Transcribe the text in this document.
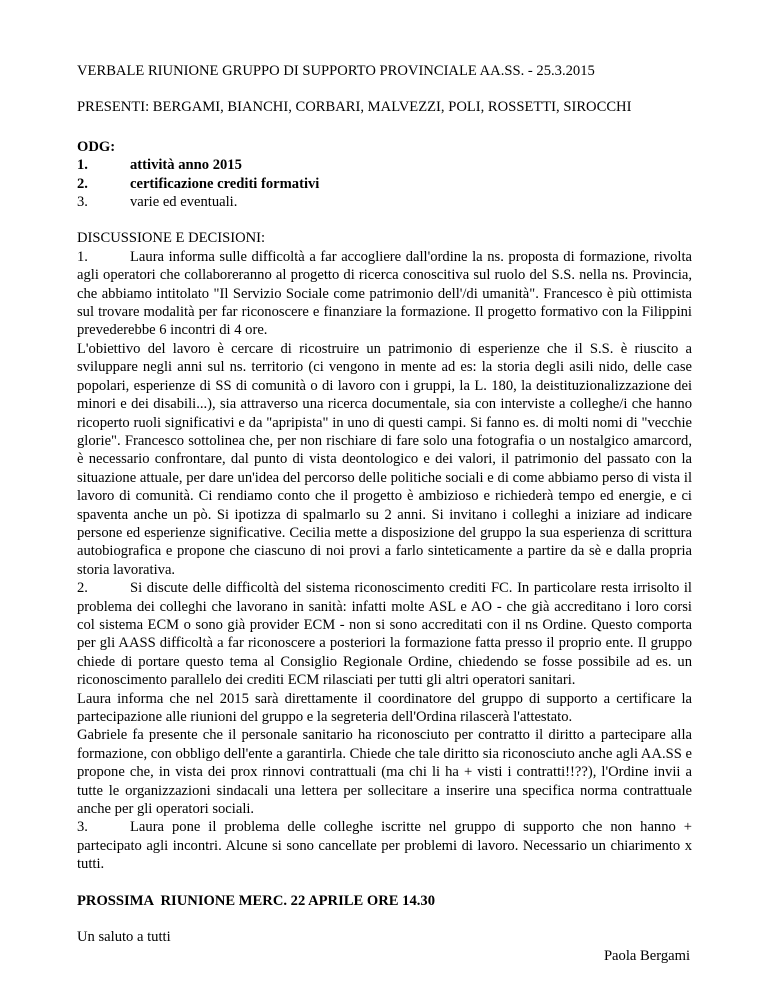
VERBALE RIUNIONE GRUPPO DI SUPPORTO PROVINCIALE AA.SS. - 25.3.2015

PRESENTI: BERGAMI, BIANCHI, CORBARI, MALVEZZI, POLI, ROSSETTI, SIROCCHI

ODG:

1.	attività anno 2015
2.	certificazione crediti formativi
3.	varie ed eventuali.

DISCUSSIONE E DECISIONI:

1.	Laura informa sulle difficoltà a far accogliere dall'ordine la ns. proposta di formazione, rivolta agli operatori che collaboreranno al progetto di ricerca conoscitiva sul ruolo del S.S. nella ns. Provincia, che abbiamo intitolato "Il Servizio Sociale come patrimonio dell'/di umanità". Francesco è più ottimista sul trovare modalità per far riconoscere e finanziare la formazione. Il progetto formativo con la Filippini prevederebbe 6 incontri di 4 ore.

L'obiettivo del lavoro è cercare di ricostruire un patrimonio di esperienze che il S.S. è riuscito a sviluppare negli anni sul ns. territorio (ci vengono in mente ad es: la storia degli asili nido, delle case popolari, esperienze di SS di comunità o di lavoro con i gruppi, la L. 180, la deistituzionalizzazione dei minori e dei disabili...), sia attraverso una ricerca documentale, sia con interviste a colleghe/i che hanno ricoperto ruoli significativi e da "apripista" in uno di questi campi. Si fanno es. di molti nomi di "vecchie glorie". Francesco sottolinea che, per non rischiare di fare solo una fotografia o un nostalgico amarcord, è necessario confrontare, dal punto di vista deontologico e dei valori, il patrimonio del passato con la situazione attuale, per dare un'idea del percorso delle politiche sociali e di come abbiamo perso di vista il lavoro di comunità. Ci rendiamo conto che il progetto è ambizioso e richiederà tempo ed energie, e ci spaventa anche un pò. Si ipotizza di spalmarlo su 2 anni. Si invitano i colleghi a iniziare ad indicare persone ed esperienze significative. Cecilia mette a disposizione del gruppo la sua esperienza di scrittura autobiografica e propone che ciascuno di noi provi a farlo sinteticamente a partire da sè e dalla propria storia lavorativa.

2.	Si discute delle difficoltà del sistema riconoscimento crediti FC. In particolare resta irrisolto il problema dei colleghi che lavorano in sanità: infatti molte ASL e AO - che già accreditano i loro corsi col sistema ECM o sono già provider ECM - non si sono accreditati con il ns Ordine. Questo comporta per gli AASS difficoltà a far riconoscere a posteriori la formazione fatta presso il proprio ente. Il gruppo chiede di portare questo tema al Consiglio Regionale Ordine, chiedendo se fosse possibile ad es. un riconoscimento parallelo dei crediti ECM rilasciati per tutti gli altri operatori sanitari.

Laura informa che nel 2015 sarà direttamente il coordinatore del gruppo di supporto a certificare la partecipazione alle riunioni del gruppo e la segreteria dell'Ordina rilascerà l'attestato.

Gabriele fa presente che il personale sanitario ha riconosciuto per contratto il diritto a partecipare alla formazione, con obbligo dell'ente a garantirla. Chiede che tale diritto sia riconosciuto anche agli AA.SS e propone che, in vista dei prox rinnovi contrattuali (ma chi li ha + visti i contratti!!??), l'Ordine invii a tutte le organizzazioni sindacali una lettera per sollecitare a inserire una specifica norma contrattuale anche per gli operatori sociali.

3.	Laura pone il problema delle colleghe iscritte nel gruppo di supporto che non hanno + partecipato agli incontri. Alcune si sono cancellate per problemi di lavoro. Necessario un chiarimento x tutti.

PROSSIMA  RIUNIONE MERC. 22 APRILE ORE 14.30

Un saluto a tutti

Paola Bergami
